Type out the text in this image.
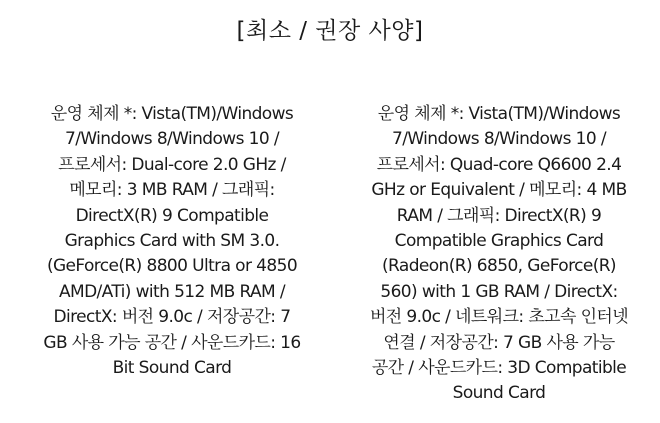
[최소 / 권장 사양]
운영 체제 *: Vista(TM)/Windows
7/Windows 8/Windows 10 /
프로세서: Dual-core 2.0 GHz /
메모리: 3 MB RAM / 그래픽:
DirectX(R) 9 Compatible
Graphics Card with SM 3.0.
(GeForce(R) 8800 Ultra or 4850
AMD/ATi) with 512 MB RAM /
DirectX: 버전 9.0c / 저장공간: 7
GB 사용 가능 공간 / 사운드카드: 16
Bit Sound Card
운영 체제 *: Vista(TM)/Windows
7/Windows 8/Windows 10 /
프로세서: Quad-core Q6600 2.4
GHz or Equivalent / 메모리: 4 MB
RAM / 그래픽: DirectX(R) 9
Compatible Graphics Card
(Radeon(R) 6850, GeForce(R)
560) with 1 GB RAM / DirectX:
버전 9.0c / 네트워크: 초고속 인터넷
연결 / 저장공간: 7 GB 사용 가능
공간 / 사운드카드: 3D Compatible
Sound Card
